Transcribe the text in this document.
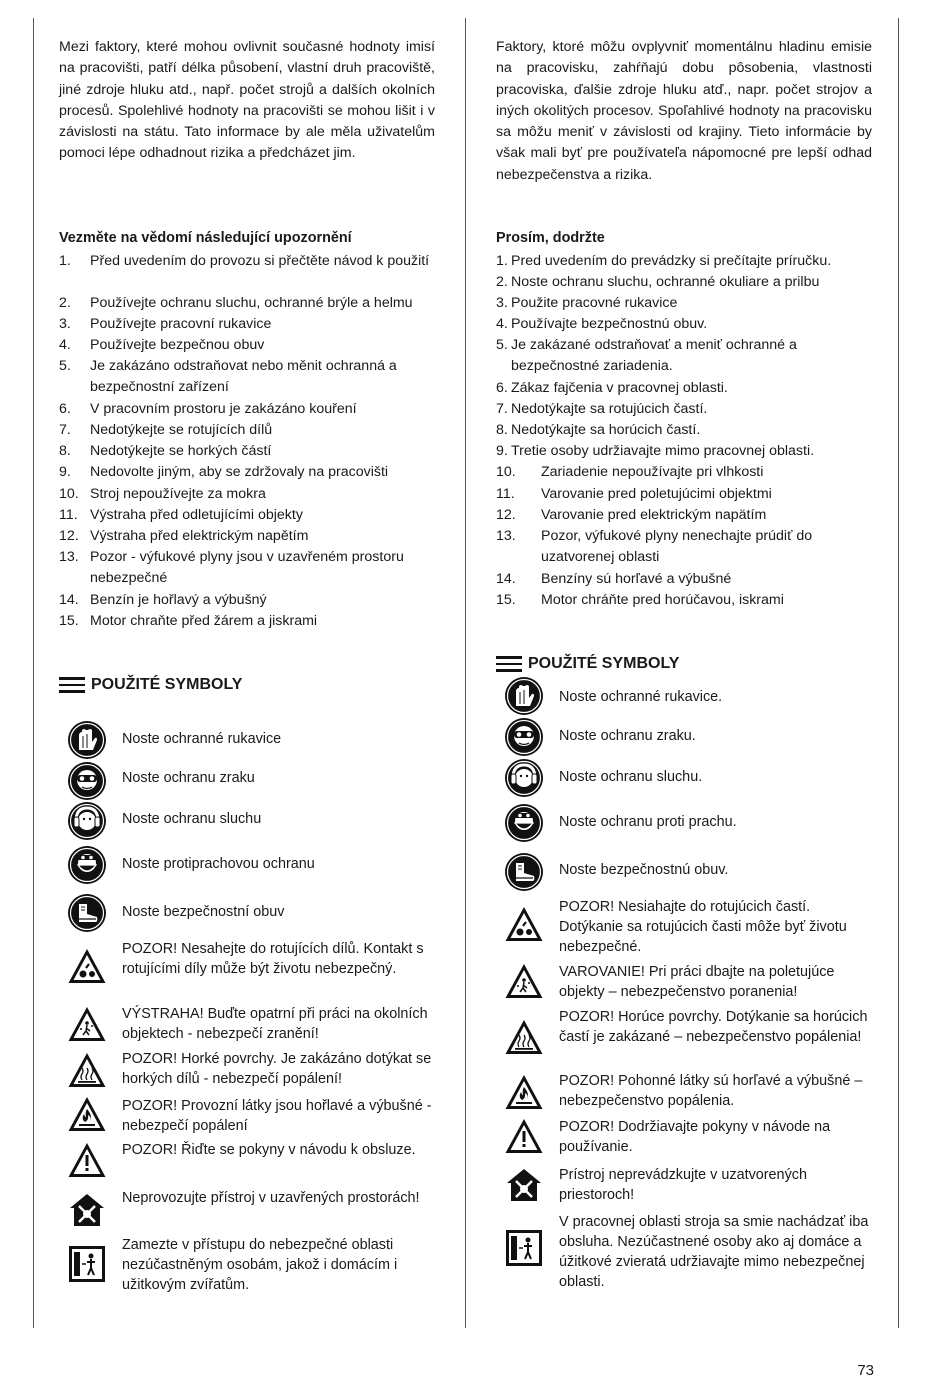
Mezi faktory, které mohou ovlivnit současné hodnoty imisí na pracovišti, patří délka působení, vlastní druh pracoviště, jiné zdroje hluku atd., např. počet strojů a dalších okolních procesů. Spolehlivé hodnoty na pracovišti se mohou lišit i v závislosti na státu. Tato informace by ale měla uživatelům pomoci lépe odhadnout rizika a předcházet jim.
Vezměte na vědomí následující upozornění
1. Před uvedením do provozu si přečtěte návod k použití
2. Používejte ochranu sluchu, ochranné brýle a helmu
3. Používejte pracovní rukavice
4. Používejte bezpečnou obuv
5. Je zakázáno odstraňovat nebo měnit ochranná a bezpečnostní zařízení
6. V pracovním prostoru je zakázáno kouření
7. Nedotýkejte se rotujících dílů
8. Nedotýkejte se horkých částí
9. Nedovolte jiným, aby se zdržovaly na pracovišti
10. Stroj nepoužívejte za mokra
11. Výstraha před odletujícími objekty
12. Výstraha před elektrickým napětím
13. Pozor - výfukové plyny jsou v uzavřeném prostoru nebezpečné
14. Benzín je hořlavý a výbušný
15. Motor chraňte před žárem a jiskrami
POUŽITÉ SYMBOLY
Noste ochranné rukavice
Noste ochranu zraku
Noste ochranu sluchu
Noste protiprachovou ochranu
Noste bezpečnostní obuv
POZOR! Nesahejte do rotujících dílů. Kontakt s rotujícími díly může být životu nebezpečný.
VÝSTRAHA! Buďte opatrní při práci na okolních objektech - nebezpečí zranění!
POZOR! Horké povrchy. Je zakázáno dotýkat se horkých dílů - nebezpečí popálení!
POZOR! Provozní látky jsou hořlavé a výbušné - nebezpečí popálení
POZOR! Řiďte se pokyny v návodu k obsluze.
Neprovozujte přístroj v uzavřených prostorách!
Zamezte v přístupu do nebezpečné oblasti nezúčastněným osobám, jakož i domácím i užitkovým zvířatům.
Faktory, ktoré môžu ovplyvniť momentálnu hladinu emisie na pracovisku, zahŕňajú dobu pôsobenia, vlastnosti pracoviska, ďalšie zdroje hluku atď., napr. počet strojov a iných okolitých procesov. Spoľahlivé hodnoty na pracovisku sa môžu meniť v závislosti od krajiny. Tieto informácie by však mali byť pre používateľa nápomocné pre lepší odhad nebezpečenstva a rizika.
Prosím, dodržte
1. Pred uvedením do prevádzky si prečítajte príručku.
2. Noste ochranu sluchu, ochranné okuliare a prilbu
3. Použite pracovné rukavice
4. Používajte bezpečnostnú obuv.
5. Je zakázané odstraňovať a meniť ochranné a bezpečnostné zariadenia.
6. Zákaz fajčenia v pracovnej oblasti.
7. Nedotýkajte sa rotujúcich častí.
8. Nedotýkajte sa horúcich častí.
9. Tretie osoby udržiavajte mimo pracovnej oblasti.
10. Zariadenie nepoužívajte pri vlhkosti
11. Varovanie pred poletujúcimi objektmi
12. Varovanie pred elektrickým napätím
13. Pozor, výfukové plyny nenechajte prúdiť do uzatvorenej oblasti
14. Benzíny sú horľavé a výbušné
15. Motor chráňte pred horúčavou, iskrami
POUŽITÉ SYMBOLY
Noste ochranné rukavice.
Noste ochranu zraku.
Noste ochranu sluchu.
Noste ochranu proti prachu.
Noste bezpečnostnú obuv.
POZOR! Nesiahajte do rotujúcich častí. Dotýkanie sa rotujúcich časti môže byť životu nebezpečné.
VAROVANIE! Pri práci dbajte na poletujúce objekty – nebezpečenstvo poranenia!
POZOR! Horúce povrchy. Dotýkanie sa horúcich častí je zakázané – nebezpečenstvo popálenia!
POZOR! Pohonné látky sú horľavé a výbušné – nebezpečenstvo popálenia.
POZOR! Dodržiavajte pokyny v návode na používanie.
Prístroj neprevádzkujte v uzatvorených priestoroch!
V pracovnej oblasti stroja sa smie nachádzať iba obsluha. Nezúčastnené osoby ako aj domáce a úžitkové zvieratá udržiavajte mimo nebezpečnej oblasti.
73
